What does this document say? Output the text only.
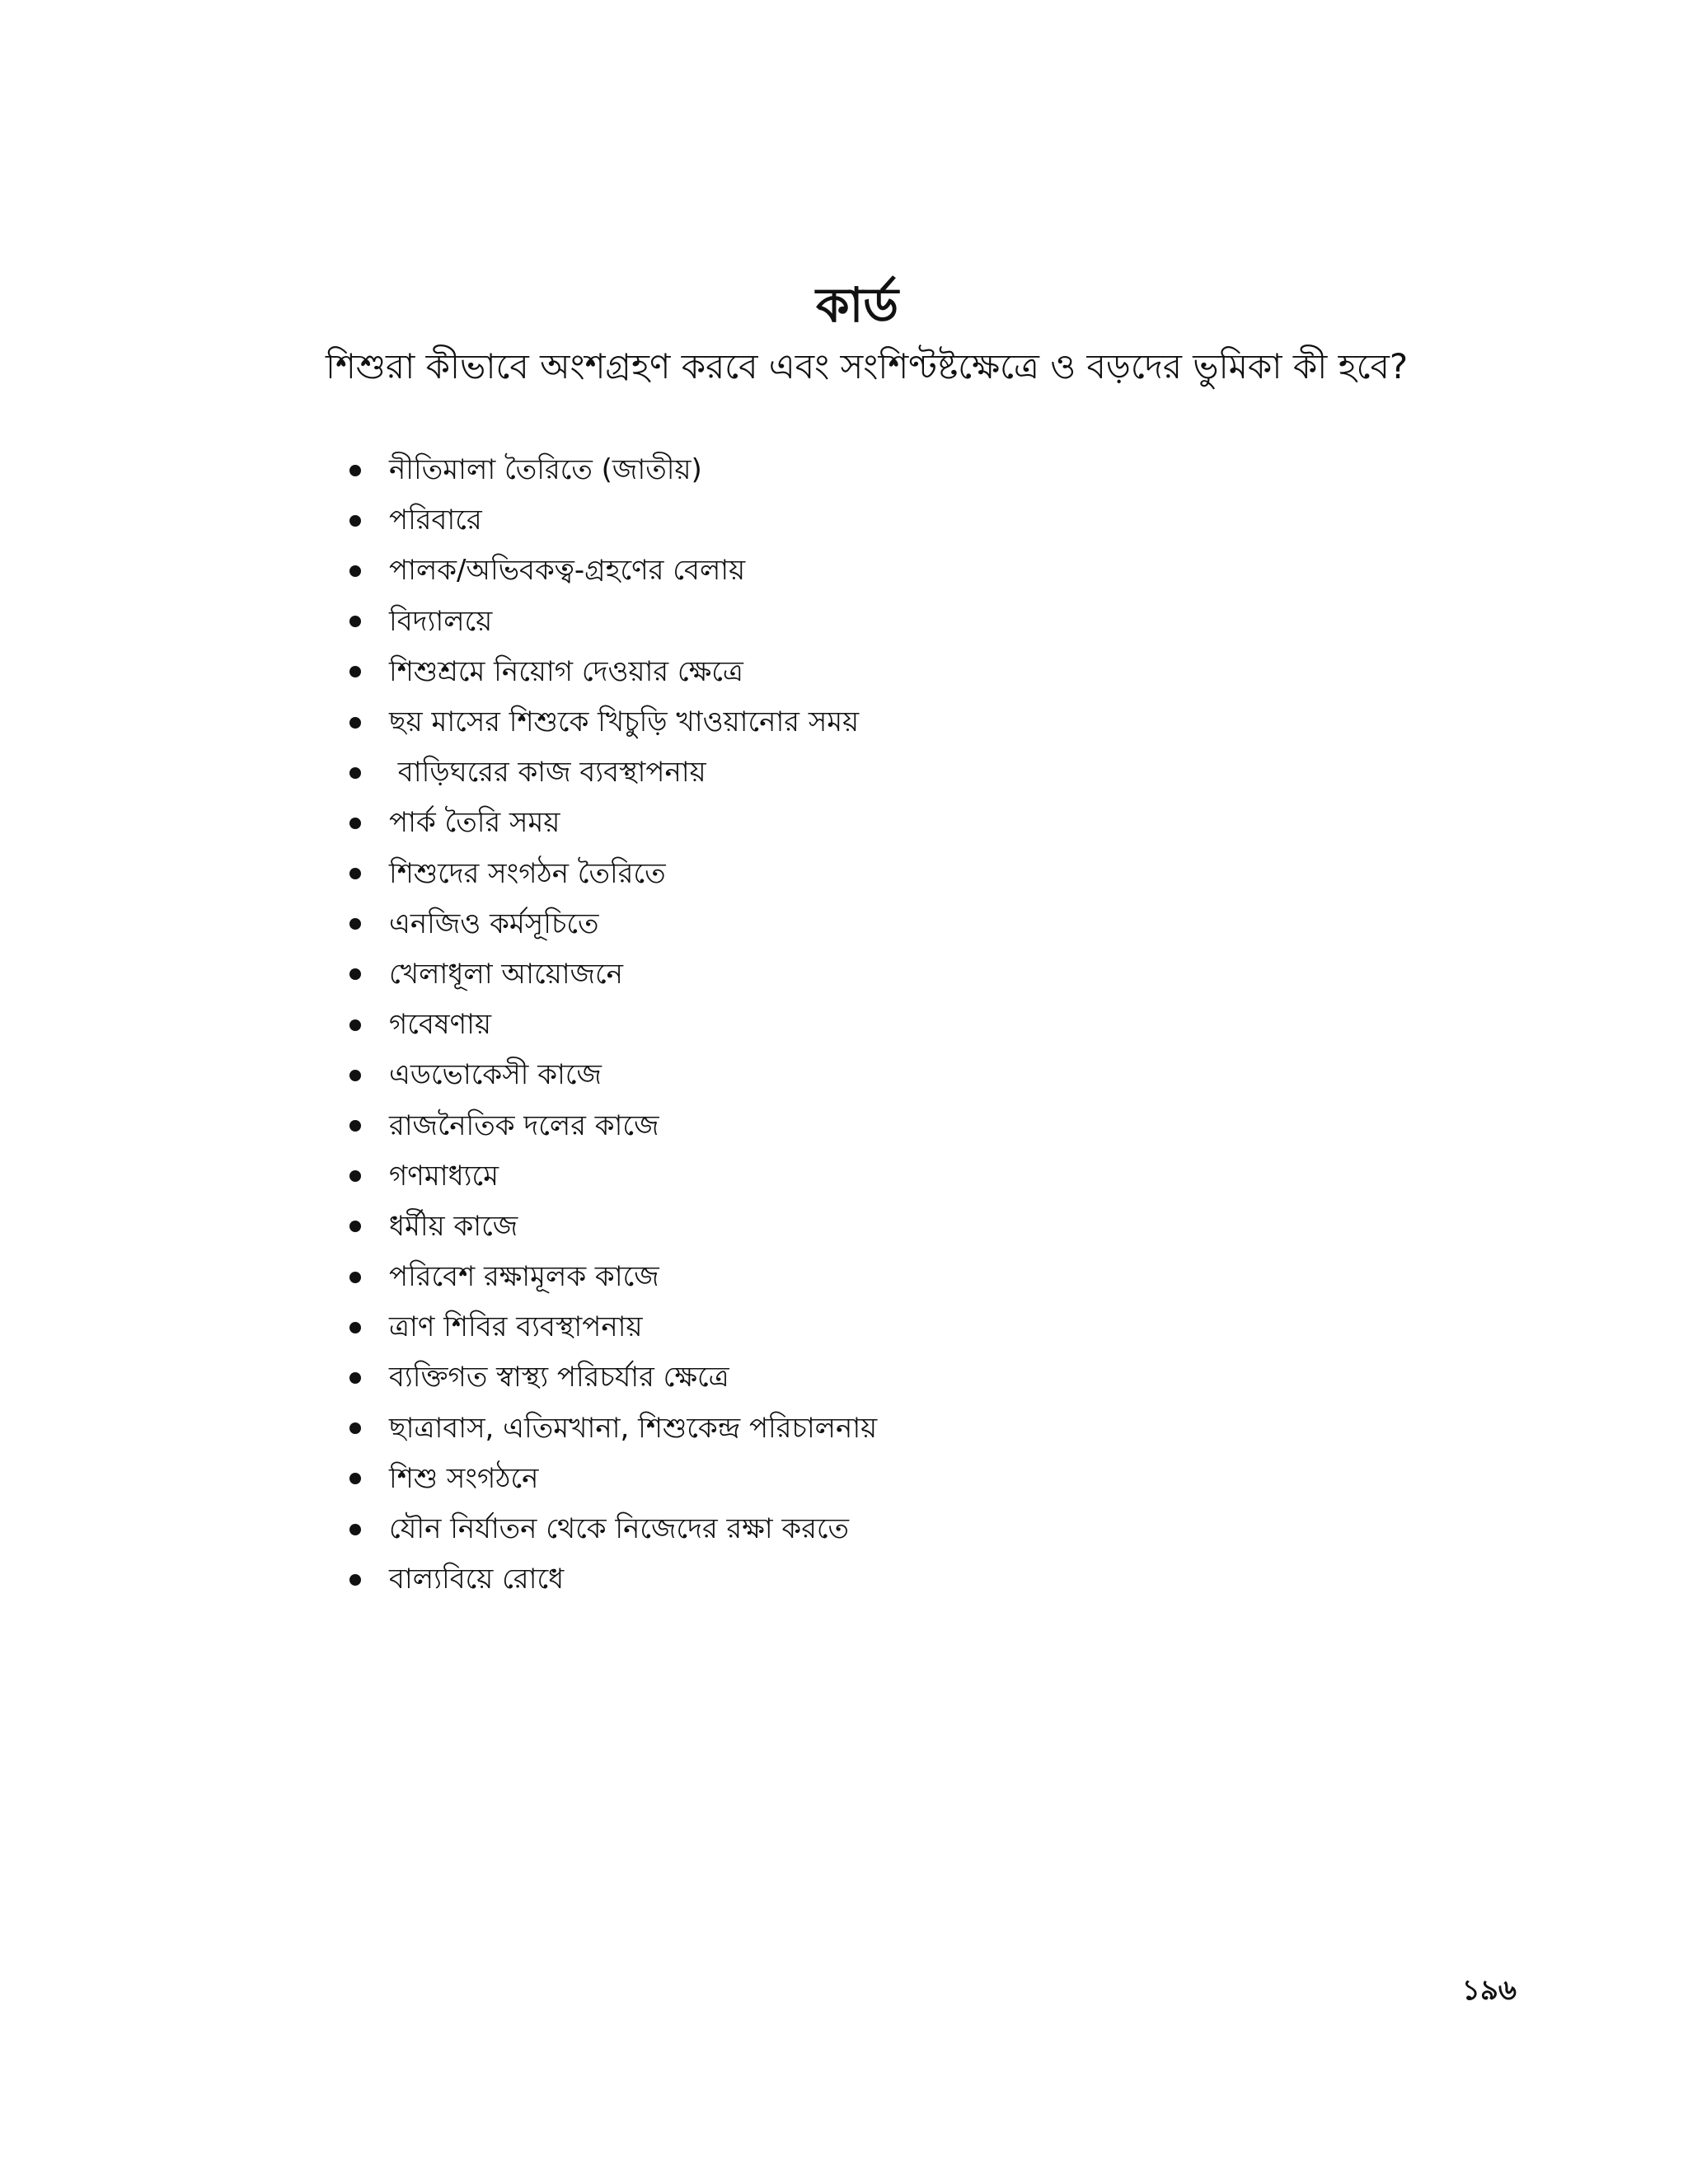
কার্ড

শিশুরা কীভাবে অংশগ্রহণ করবে এবং সংশিণ্টষ্টক্ষেত্রে ও বড়দের ভুমিকা কী হবে?

নীতিমালা তৈরিতে (জাতীয়)
পরিবারে
পালক/অভিবকত্ব-গ্রহণের বেলায়
বিদ্যালয়ে
শিশুশ্রমে নিয়োগ দেওয়ার ক্ষেত্রে
ছয় মাসের শিশুকে খিচুড়ি খাওয়ানোর সময়
বাড়িঘরের কাজ ব্যবস্থাপনায়
পার্ক তৈরি সময়
শিশুদের সংগঠন তৈরিতে
এনজিও কর্মসূচিতে
খেলাধূলা আয়োজনে
গবেষণায়
এডভোকেসী কাজে
রাজনৈতিক দলের কাজে
গণমাধ্যমে
ধর্মীয় কাজে
পরিবেশ রক্ষামূলক কাজে
ত্রাণ শিবির ব্যবস্থাপনায়
ব্যক্তিগত স্বাস্থ্য পরিচর্যার ক্ষেত্রে
ছাত্রাবাস, এতিমখানা, শিশুকেন্দ্র পরিচালনায়
শিশু সংগঠনে
যৌন নির্যাতন থেকে নিজেদের রক্ষা করতে
বাল্যবিয়ে রোধে
১৯৬
